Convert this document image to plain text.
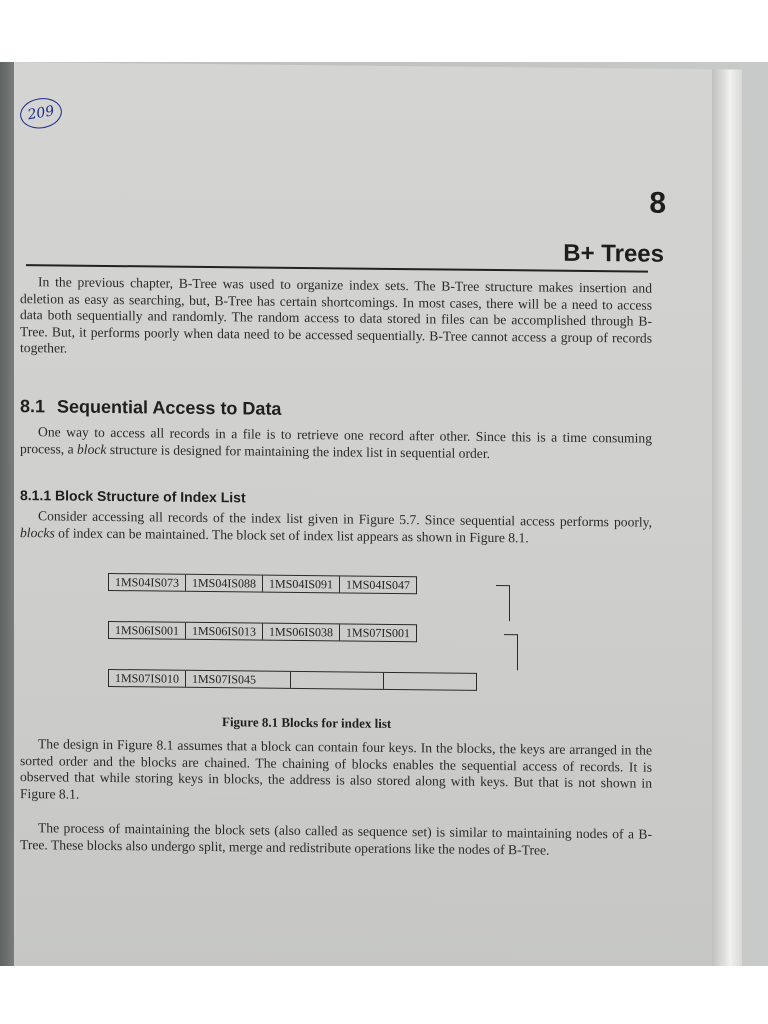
209
8
B+ Trees
In the previous chapter, B-Tree was used to organize index sets. The B-Tree structure makes insertion and deletion as easy as searching, but, B-Tree has certain shortcomings. In most cases, there will be a need to access data both sequentially and randomly. The random access to data stored in files can be accomplished through B-Tree. But, it performs poorly when data need to be accessed sequentially. B-Tree cannot access a group of records together.
8.1 Sequential Access to Data
One way to access all records in a file is to retrieve one record after other. Since this is a time consuming process, a block structure is designed for maintaining the index list in sequential order.
8.1.1 Block Structure of Index List
Consider accessing all records of the index list given in Figure 5.7. Since sequential access performs poorly, blocks of index can be maintained. The block set of index list appears as shown in Figure 8.1.
1MS04IS073	1MS04IS088	1MS04IS091	1MS04IS047
1MS06IS001	1MS06IS013	1MS06IS038	1MS07IS001
1MS07IS010	1MS07IS045
Figure 8.1 Blocks for index list
The design in Figure 8.1 assumes that a block can contain four keys. In the blocks, the keys are arranged in the sorted order and the blocks are chained. The chaining of blocks enables the sequential access of records. It is observed that while storing keys in blocks, the address is also stored along with keys. But that is not shown in Figure 8.1.
The process of maintaining the block sets (also called as sequence set) is similar to maintaining nodes of a B-Tree. These blocks also undergo split, merge and redistribute operations like the nodes of B-Tree.
